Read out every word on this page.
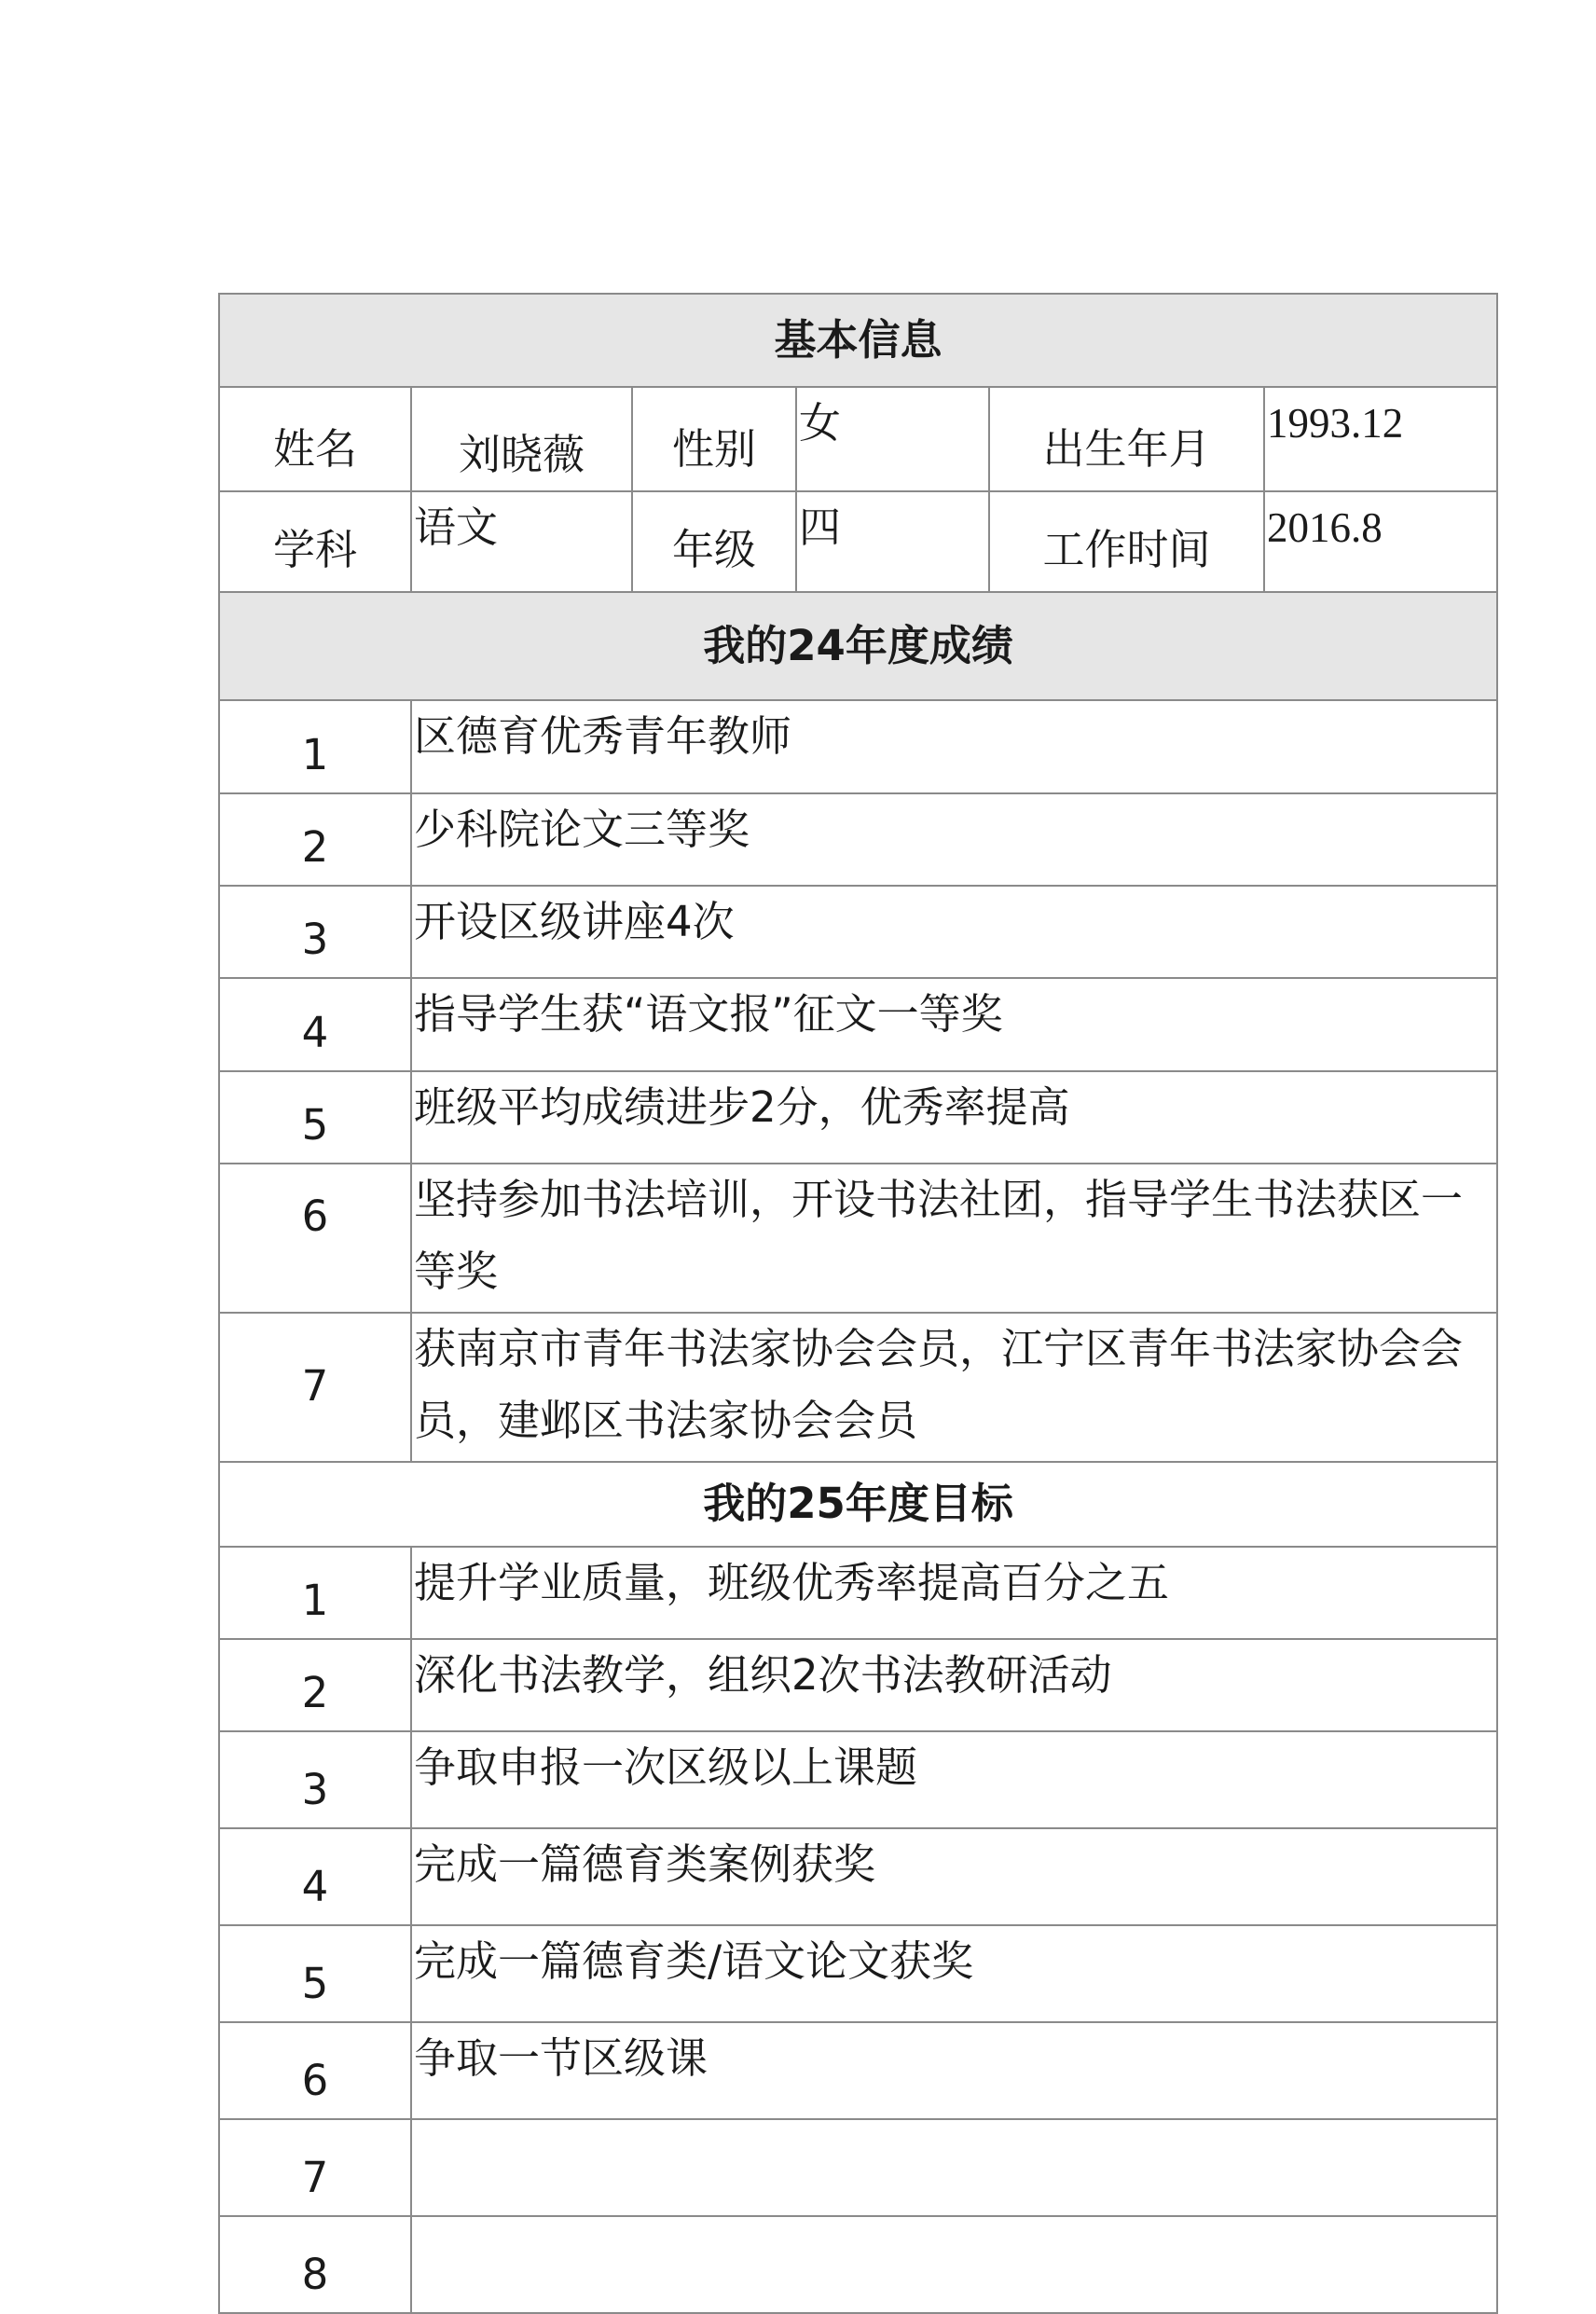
基本信息					
姓名	刘晓薇	性别	女	出生年月	1993.12
学科	语文	年级	四	工作时间	2016.8
我的24年度成绩					
1	区德育优秀青年教师				
2	少科院论文三等奖				
3	开设区级讲座4次				
4	指导学生获“语文报”征文一等奖				
5	班级平均成绩进步2分，优秀率提高				
6	坚持参加书法培训，开设书法社团，指导学生书法获区一等奖				
7	获南京市青年书法家协会会员，江宁区青年书法家协会会员，建邺区书法家协会会员				
我的25年度目标					
1	提升学业质量，班级优秀率提高百分之五				
2	深化书法教学，组织2次书法教研活动				
3	争取申报一次区级以上课题				
4	完成一篇德育类案例获奖				
5	完成一篇德育类/语文论文获奖				
6	争取一节区级课				
7					
8					
